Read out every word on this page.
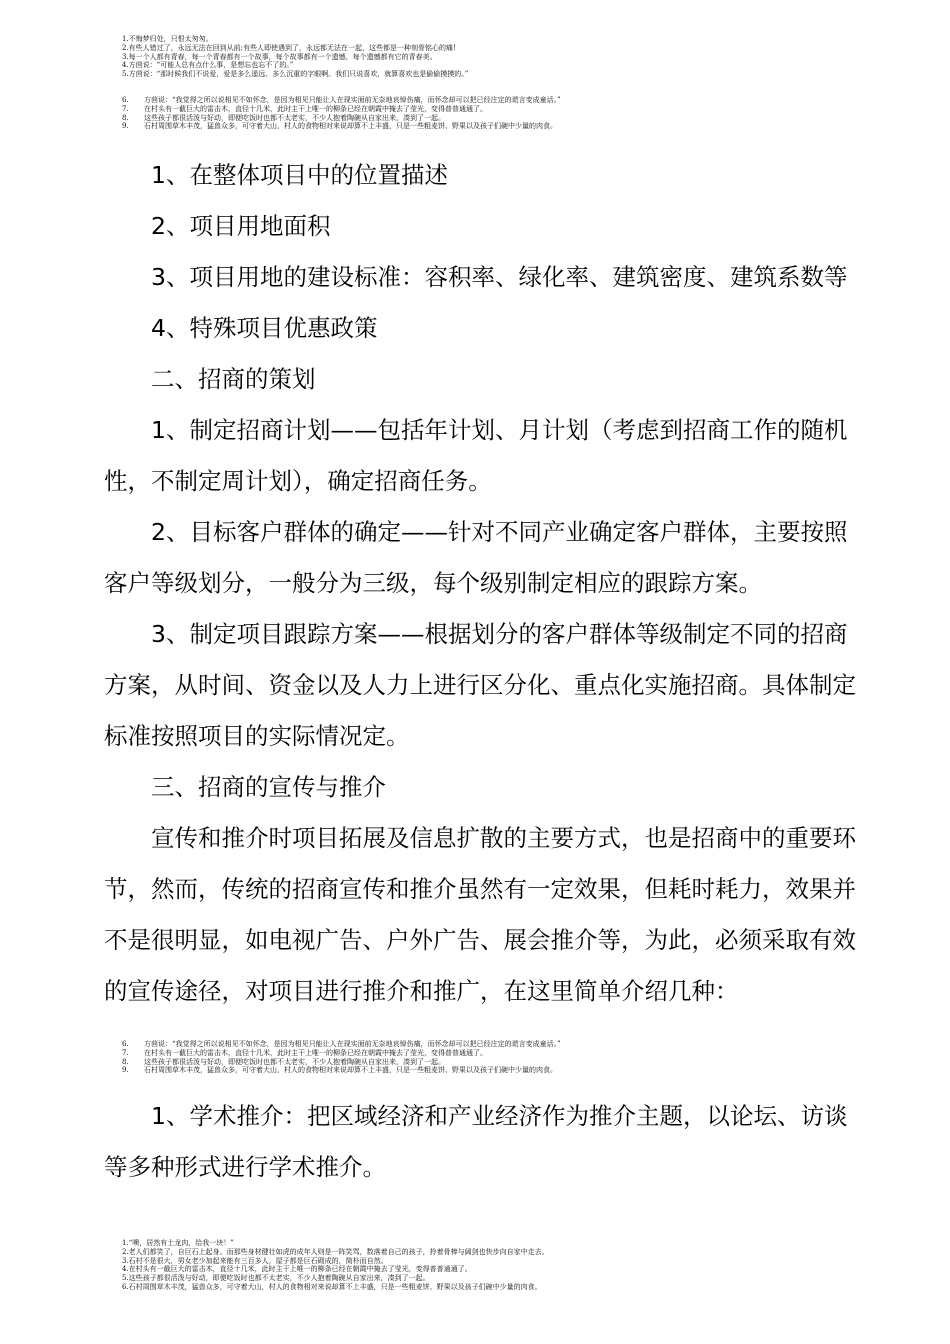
1.不悔梦归处，只恨太匆匆。
2.有些人错过了，永远无法在回到从前;有些人即使遇到了，永远都无法在一起，这些都是一种刻骨铭心的痛!
3.每一个人都有青春，每一个青春都有一个故事，每个故事都有一个遗憾，每个遗憾都有它的青春美。
4.方茴说：“可能人总有点什么事，是想忘也忘不了的。”
5.方茴说：“那时候我们不说爱，爱是多么遥远、多么沉重的字眼啊。我们只说喜欢，就算喜欢也是偷偷摸摸的。”
6. 方茴说：“我觉得之所以说相见不如怀念，是因为相见只能让人在现实面前无奈地哀悼伤痛，而怀念却可以把已经注定的谎言变成童话。”
7. 在村头有一截巨大的雷击木，直径十几米，此时主干上唯一的柳条已经在朝霞中掩去了莹光，变得普普通通了。
8. 这些孩子都很活泼与好动，即便吃饭时也都不太老实，不少人抱着陶碗从自家出来，凑到了一起。
9. 石村周围草木丰茂，猛兽众多，可守着大山，村人的食物相对来说却算不上丰盛，只是一些粗麦饼、野果以及孩子们碗中少量的肉食。

1、在整体项目中的位置描述

2、项目用地面积

3、项目用地的建设标准：容积率、绿化率、建筑密度、建筑系数等

4、特殊项目优惠政策

二、招商的策划

1、制定招商计划——包括年计划、月计划（考虑到招商工作的随机性，不制定周计划），确定招商任务。

2、目标客户群体的确定——针对不同产业确定客户群体，主要按照客户等级划分，一般分为三级，每个级别制定相应的跟踪方案。

3、制定项目跟踪方案——根据划分的客户群体等级制定不同的招商方案，从时间、资金以及人力上进行区分化、重点化实施招商。具体制定标准按照项目的实际情况定。

三、招商的宣传与推介

宣传和推介时项目拓展及信息扩散的主要方式，也是招商中的重要环节，然而，传统的招商宣传和推介虽然有一定效果，但耗时耗力，效果并不是很明显，如电视广告、户外广告、展会推介等，为此，必须采取有效的宣传途径，对项目进行推介和推广，在这里简单介绍几种：

6. 方茴说：“我觉得之所以说相见不如怀念，是因为相见只能让人在现实面前无奈地哀悼伤痛，而怀念却可以把已经注定的谎言变成童话。”
7. 在村头有一截巨大的雷击木，直径十几米，此时主干上唯一的柳条已经在朝霞中掩去了莹光，变得普普通通了。
8. 这些孩子都很活泼与好动，即便吃饭时也都不太老实，不少人抱着陶碗从自家出来，凑到了一起。
9. 石村周围草木丰茂，猛兽众多，可守着大山，村人的食物相对来说却算不上丰盛，只是一些粗麦饼、野果以及孩子们碗中少量的肉食。

1、学术推介：把区域经济和产业经济作为推介主题，以论坛、访谈等多种形式进行学术推介。

1.“噢，居然有土龙肉，给我一块！”
2.老人们都笑了，自巨石上起身。而那些身材健壮如虎的成年人则是一阵笑骂，数落着自己的孩子，拎着骨棒与阔剑也快步向自家中走去。
3.石村不是很大，男女老少加起来能有三百多人，屋子都是巨石砌成的，简朴而自然。
4.在村头有一截巨大的雷击木，直径十几米，此时主干上唯一的柳条已经在朝霞中掩去了莹光，变得普普通通了。
5.这些孩子都很活泼与好动，即便吃饭时也都不太老实，不少人抱着陶碗从自家出来，凑到了一起。
6.石村周围草木丰茂，猛兽众多，可守着大山，村人的食物相对来说却算不上丰盛，只是一些粗麦饼、野果以及孩子们碗中少量的肉食。
